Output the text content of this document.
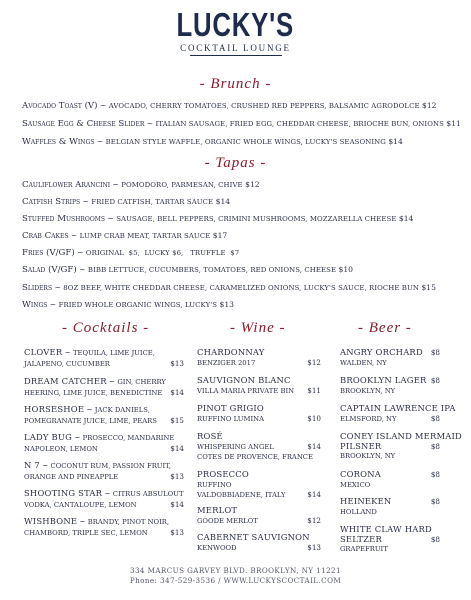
LUCKY'S
COCKTAIL LOUNGE
- Brunch -
Avocado Toast (V) ~ AVOCADO, CHERRY TOMATOES, CRUSHED RED PEPPERS, BALSAMIC AGRODOLCE $12
Sausage Egg & Cheese Slider ~ ITALIAN SAUSAGE, FRIED EGG, CHEDDAR CHEESE, BRIOCHE BUN, ONIONS $11
Waffles & Wings ~ BELGIAN STYLE WAFFLE, ORGANIC WHOLE WINGS, LUCKY'S SEASONING $14
- Tapas -
Cauliflower Arancini ~ POMODORO, PARMESAN, CHIVE $12
Catfish Strips ~ FRIED CATFISH, TARTAR SAUCE $14
Stuffed Mushrooms ~ SAUSAGE, BELL PEPPERS, CRIMINI MUSHROOMS, MOZZARELLA CHEESE $14
Crab Cakes ~ LUMP CRAB MEAT, TARTAR SAUCE $17
Fries (V/GF) ~ ORIGINAL  $5,  LUCKY $6,   TRUFFLE  $7
Salad (V/GF) ~ BIBB LETTUCE, CUCUMBERS, TOMATOES, RED ONIONS, CHEESE $10
Sliders ~ 8OZ BEEF, WHITE CHEDDAR CHEESE, CARAMELIZED ONIONS, LUCKY'S SAUCE, RIOCHE BUN $15
Wings ~ FRIED WHOLE ORGANIC WINGS, LUCKY'S $13
- Cocktails -	- Wine -	- Beer -
CLOVER ~ TEQUILA, LIME JUICE,
JALAPENO, CUCUMBER	$13
DREAM CATCHER ~ GIN, CHERRY
HEERING, LIME JUICE, BENEDICTINE $14
HORSESHOE ~ JACK DANIELS,
POMEGRANATE JUICE, LIME, PEARS $15
LADY BUG ~ PROSECCO, MANDARINE
NAPOLEON, LEMON	$14
N 7 ~ COCONUT RUM, PASSION FRUIT,
ORANGE AND PINEAPPLE	$13
SHOOTING STAR ~ CITRUS ABSULOUT
VODKA, CANTALOUPE, LEMON	$14
WISHBONE ~ BRANDY, PINOT NOIR,
CHAMBORD, TRIPLE SEC, LEMON	$13
CHARDONNAY
BENZIGER 2017	$12
SAUVIGNON BLANC
VILLA MARIA PRIVATE BIN $11
PINOT GRIGIO
RUFFINO LUMINA	$10
ROSÉ
WHISPERING ANGEL	$14
COTES DE PROVENCE, FRANCE
PROSECCO
RUFFINO
VALDOBBIADENE, ITALY	$14
MERLOT
GOODE MERLOT	$12
CABERNET SAUVIGNON
KENWOOD	$13
ANGRY ORCHARD $8
WALDEN, NY
BROOKLYN LAGER $8
BROOKLYN, NY
CAPTAIN LAWRENCE IPA
ELMSFORD, NY	$8
CONEY ISLAND MERMAID
PILSNER	$8
BROOKLYN, NY
CORONA	$8
MEXICO
HEINEKEN	$8
HOLLAND
WHITE CLAW HARD
SELTZER	$8
GRAPEFRUIT
334 MARCUS GARVEY BLVD. BROOKLYN, NY 11221
Phone: 347-529-3536 / WWW.LUCKYSCOCTAIL.COM
